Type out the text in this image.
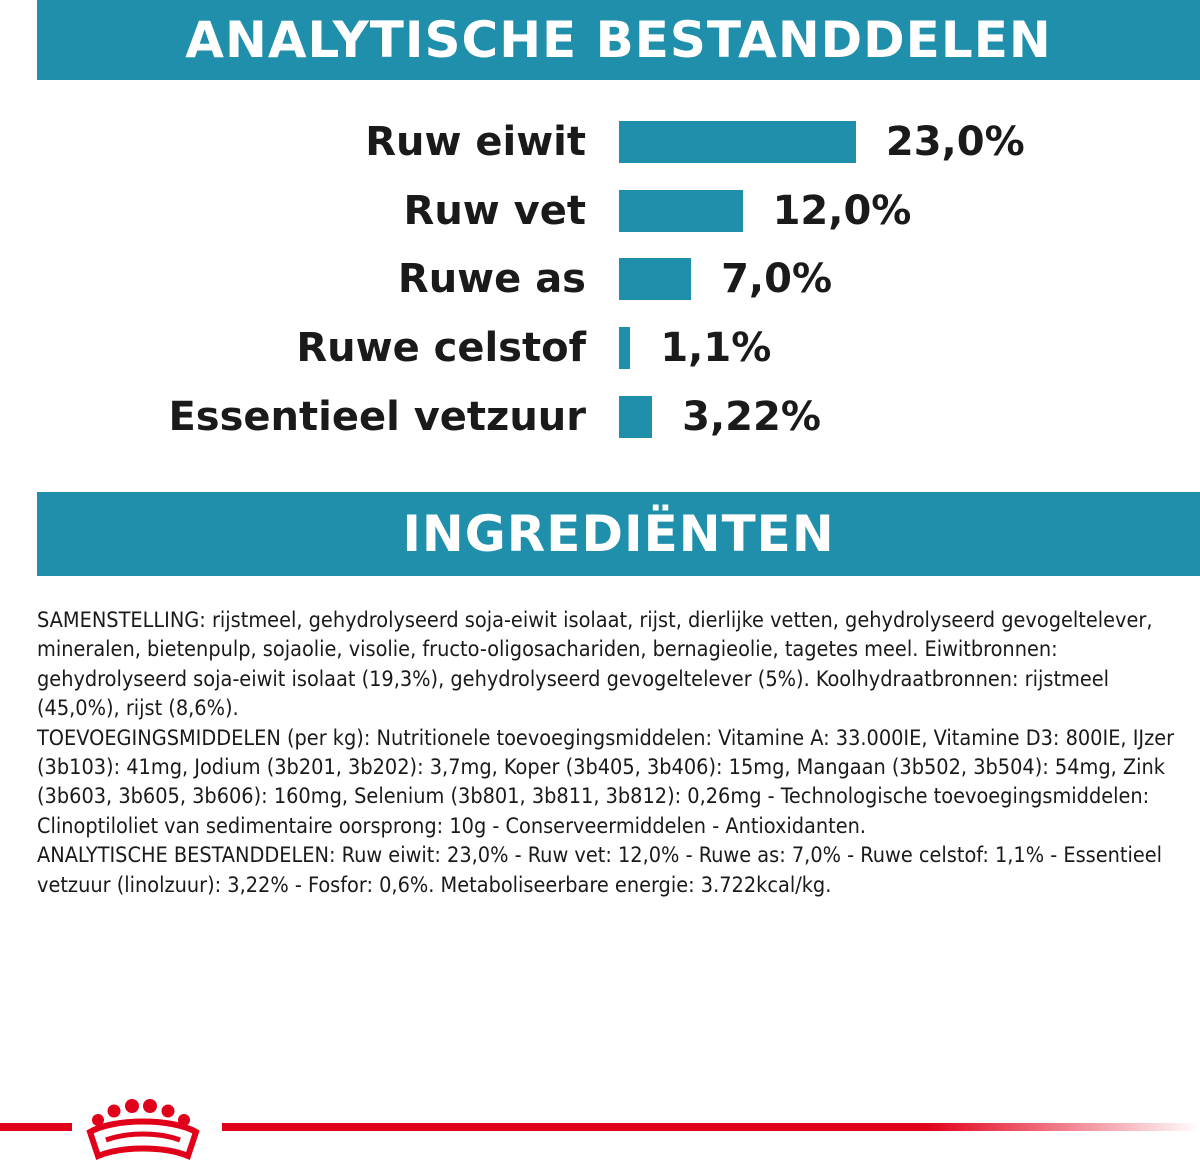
ANALYTISCHE BESTANDDELEN
Ruw eiwit	23,0%
Ruw vet	12,0%
Ruwe as	7,0%
Ruwe celstof 1,1%
Essentieel vetzuur 3,22%
INGREDIËNTEN
SAMENSTELLING: rijstmeel, gehydrolyseerd soja-eiwit isolaat, rijst, dierlijke vetten, gehydrolyseerd gevogeltelever, mineralen, bietenpulp, sojaolie, visolie, fructo-oligosachariden, bernagieolie, tagetes meel. Eiwitbronnen: gehydrolyseerd soja-eiwit isolaat (19,3%), gehydrolyseerd gevogeltelever (5%). Koolhydraatbronnen: rijstmeel (45,0%), rijst (8,6%).
TOEVOEGINGSMIDDELEN (per kg): Nutritionele toevoegingsmiddelen: Vitamine A: 33.000IE, Vitamine D3: 800IE, IJzer (3b103): 41mg, Jodium (3b201, 3b202): 3,7mg, Koper (3b405, 3b406): 15mg, Mangaan (3b502, 3b504): 54mg, Zink (3b603, 3b605, 3b606): 160mg, Selenium (3b801, 3b811, 3b812): 0,26mg - Technologische toevoegingsmiddelen: Clinoptiloliet van sedimentaire oorsprong: 10g - Conserveermiddelen - Antioxidanten.
ANALYTISCHE BESTANDDELEN: Ruw eiwit: 23,0% - Ruw vet: 12,0% - Ruwe as: 7,0% - Ruwe celstof: 1,1% - Essentieel vetzuur (linolzuur): 3,22% - Fosfor: 0,6%. Metaboliseerbare energie: 3.722kcal/kg.
